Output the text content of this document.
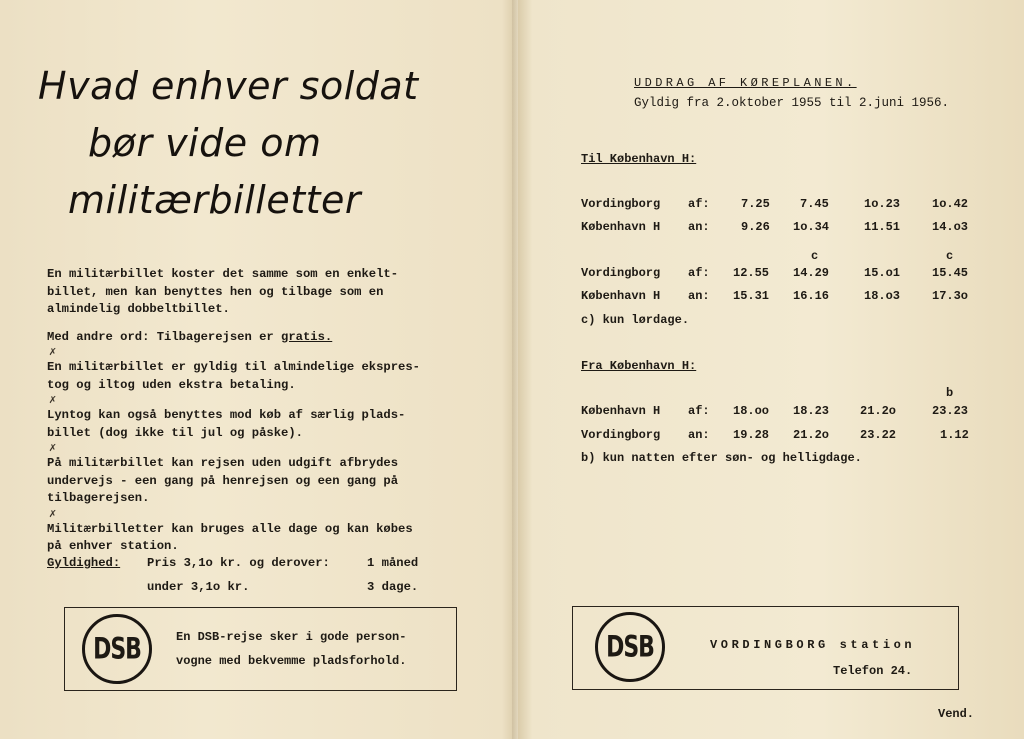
Hvad enhver soldat
bør vide om
militærbilletter

En militærbillet koster det samme som en enkelt-
billet, men kan benyttes hen og tilbage som en
almindelig dobbeltbillet.

Med andre ord: Tilbagerejsen er gratis.

✗

En militærbillet er gyldig til almindelige ekspres-
tog og iltog uden ekstra betaling.

✗

Lyntog kan også benyttes mod køb af særlig plads-
billet (dog ikke til jul og påske).

✗

På militærbillet kan rejsen uden udgift afbrydes
undervejs - een gang på henrejsen og een gang på
tilbagerejsen.

✗

Militærbilletter kan bruges alle dage og kan købes
på enhver station.

Gyldighed: Pris 3,1o kr. og derover:	1 måned
under 3,1o kr.	3 dage.
DSB	En DSB-rejse sker i gode person-
vogne med bekvemme pladsforhold.
UDDRAG AF KØREPLANEN.
Gyldig fra 2.oktober 1955 til 2.juni 1956.
Til København H:
Vordingborg af:	7.25	7.45	1o.23	1o.42
København H an:	9.26 1o.34	11.51	14.o3
c	c
Vordingborg af: 12.55 14.29	15.o1	15.45
København H an: 15.31 16.16	18.o3	17.3o
c) kun lørdage.
Fra København H:
b
København H af: 18.oo 18.23	21.2o	23.23
Vordingborg an: 19.28 21.2o	23.22	1.12
b) kun natten efter søn- og helligdage.
DSB	VORDINGBORG station
Telefon 24.
Vend.
